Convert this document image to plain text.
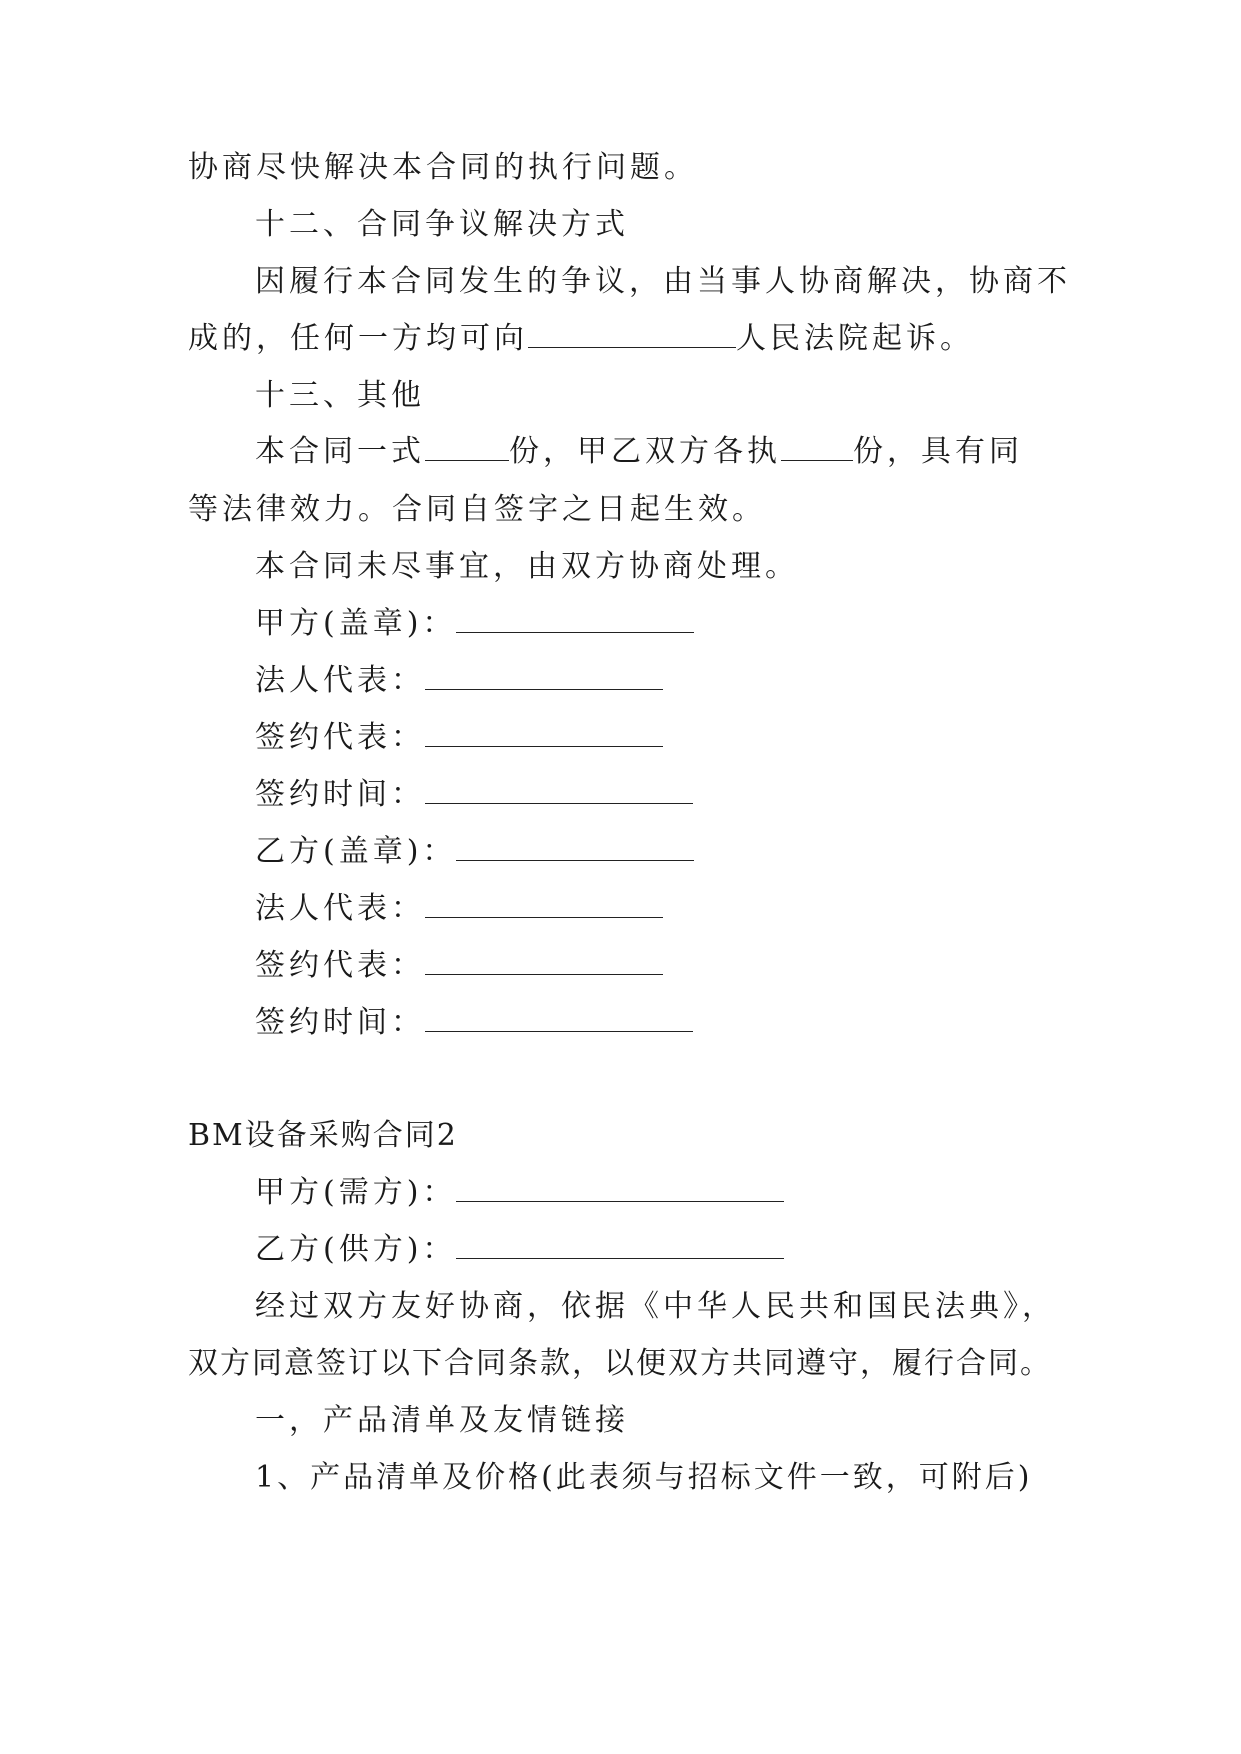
协商尽快解决本合同的执行问题。
十二、合同争议解决方式
因履行本合同发生的争议，由当事人协商解决，协商不
成的，任何一方均可向	人民法院起诉。
十三、其他
本合同一式	份，甲乙双方各执 份，具有同
等法律效力。合同自签字之日起生效。
本合同未尽事宜，由双方协商处理。
甲方(盖章)：
法人代表：
签约代表：
签约时间：
乙方(盖章)：
法人代表：
签约代表：
签约时间：
BM设备采购合同2
甲方(需方)：
乙方(供方)：
经过双方友好协商，依据《中华人民共和国民法典》，
双方同意签订以下合同条款，以便双方共同遵守，履行合同。
一，产品清单及友情链接
1、产品清单及价格(此表须与招标文件一致，可附后)
